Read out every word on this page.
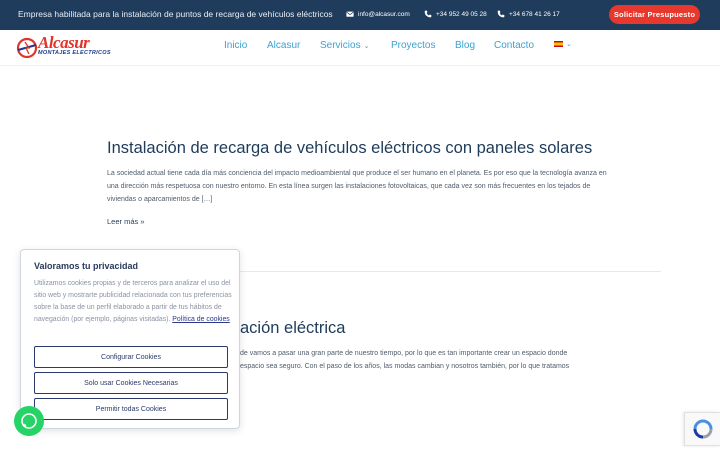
Empresa habilitada para la instalación de puntos de recarga de vehículos eléctricos	info@alcasur.com	+34 952 49 05 28	+34 678 41 26 17	Solicitar Presupuesto
Alcasur
MONTAJES ELECTRICOS
Inicio Alcasur Servicios ⌄ Proyectos Blog Contacto	⌄
Instalación de recarga de vehículos eléctricos con paneles solares

La sociedad actual tiene cada día más conciencia del impacto medioambiental que produce el ser humano en el planeta. Es por eso que la tecnología avanza en una dirección más respetuosa con nuestro entorno. En esta línea surgen las instalaciones fotovoltaicas, que cada vez son más frecuentes en los tejados de viviendas o aparcamientos de […]

Leer más »
ación eléctrica

de vamos a pasar una gran parte de nuestro tiempo, por lo que es tan importante crear un espacio donde

espacio sea seguro. Con el paso de los años, las modas cambian y nosotros también, por lo que tratamos

Valoramos tu privacidad
Utilizamos cookies propias y de terceros para analizar el uso del sitio web y mostrarte publicidad relacionada con tus preferencias sobre la base de un perfil elaborado a partir de tus hábitos de navegación (por ejemplo, páginas visitadas). Política de cookies
Configurar Cookies
Solo usar Cookies Necesarias
Permitir todas Cookies
